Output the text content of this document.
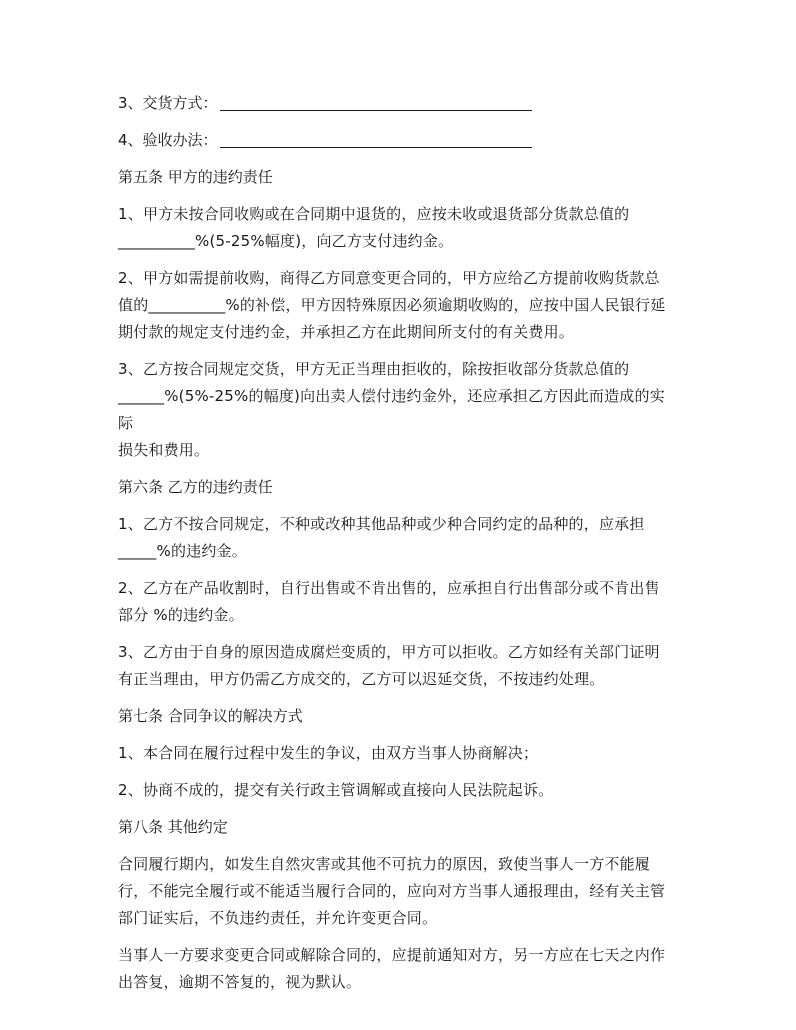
3、交货方式：
4、验收办法：
第五条 甲方的违约责任
1、甲方未按合同收购或在合同期中退货的，应按未收或退货部分货款总值的
__________%(5-25%幅度)，向乙方支付违约金。
2、甲方如需提前收购，商得乙方同意变更合同的，甲方应给乙方提前收购货款总
值的__________%的补偿，甲方因特殊原因必须逾期收购的，应按中国人民银行延
期付款的规定支付违约金，并承担乙方在此期间所支付的有关费用。
3、乙方按合同规定交货，甲方无正当理由拒收的，除按拒收部分货款总值的
______%(5%-25%的幅度)向出卖人偿付违约金外，还应承担乙方因此而造成的实际
损失和费用。
第六条 乙方的违约责任
1、乙方不按合同规定，不种或改种其他品种或少种合同约定的品种的，应承担
_____%的违约金。
2、乙方在产品收割时，自行出售或不肯出售的，应承担自行出售部分或不肯出售
部分 %的违约金。
3、乙方由于自身的原因造成腐烂变质的，甲方可以拒收。乙方如经有关部门证明
有正当理由，甲方仍需乙方成交的，乙方可以迟延交货，不按违约处理。
第七条 合同争议的解决方式
1、本合同在履行过程中发生的争议，由双方当事人协商解决；
2、协商不成的，提交有关行政主管调解或直接向人民法院起诉。
第八条 其他约定
合同履行期内，如发生自然灾害或其他不可抗力的原因，致使当事人一方不能履
行，不能完全履行或不能适当履行合同的，应向对方当事人通报理由，经有关主管
部门证实后，不负违约责任，并允许变更合同。
当事人一方要求变更合同或解除合同的，应提前通知对方，另一方应在七天之内作
出答复，逾期不答复的，视为默认。
